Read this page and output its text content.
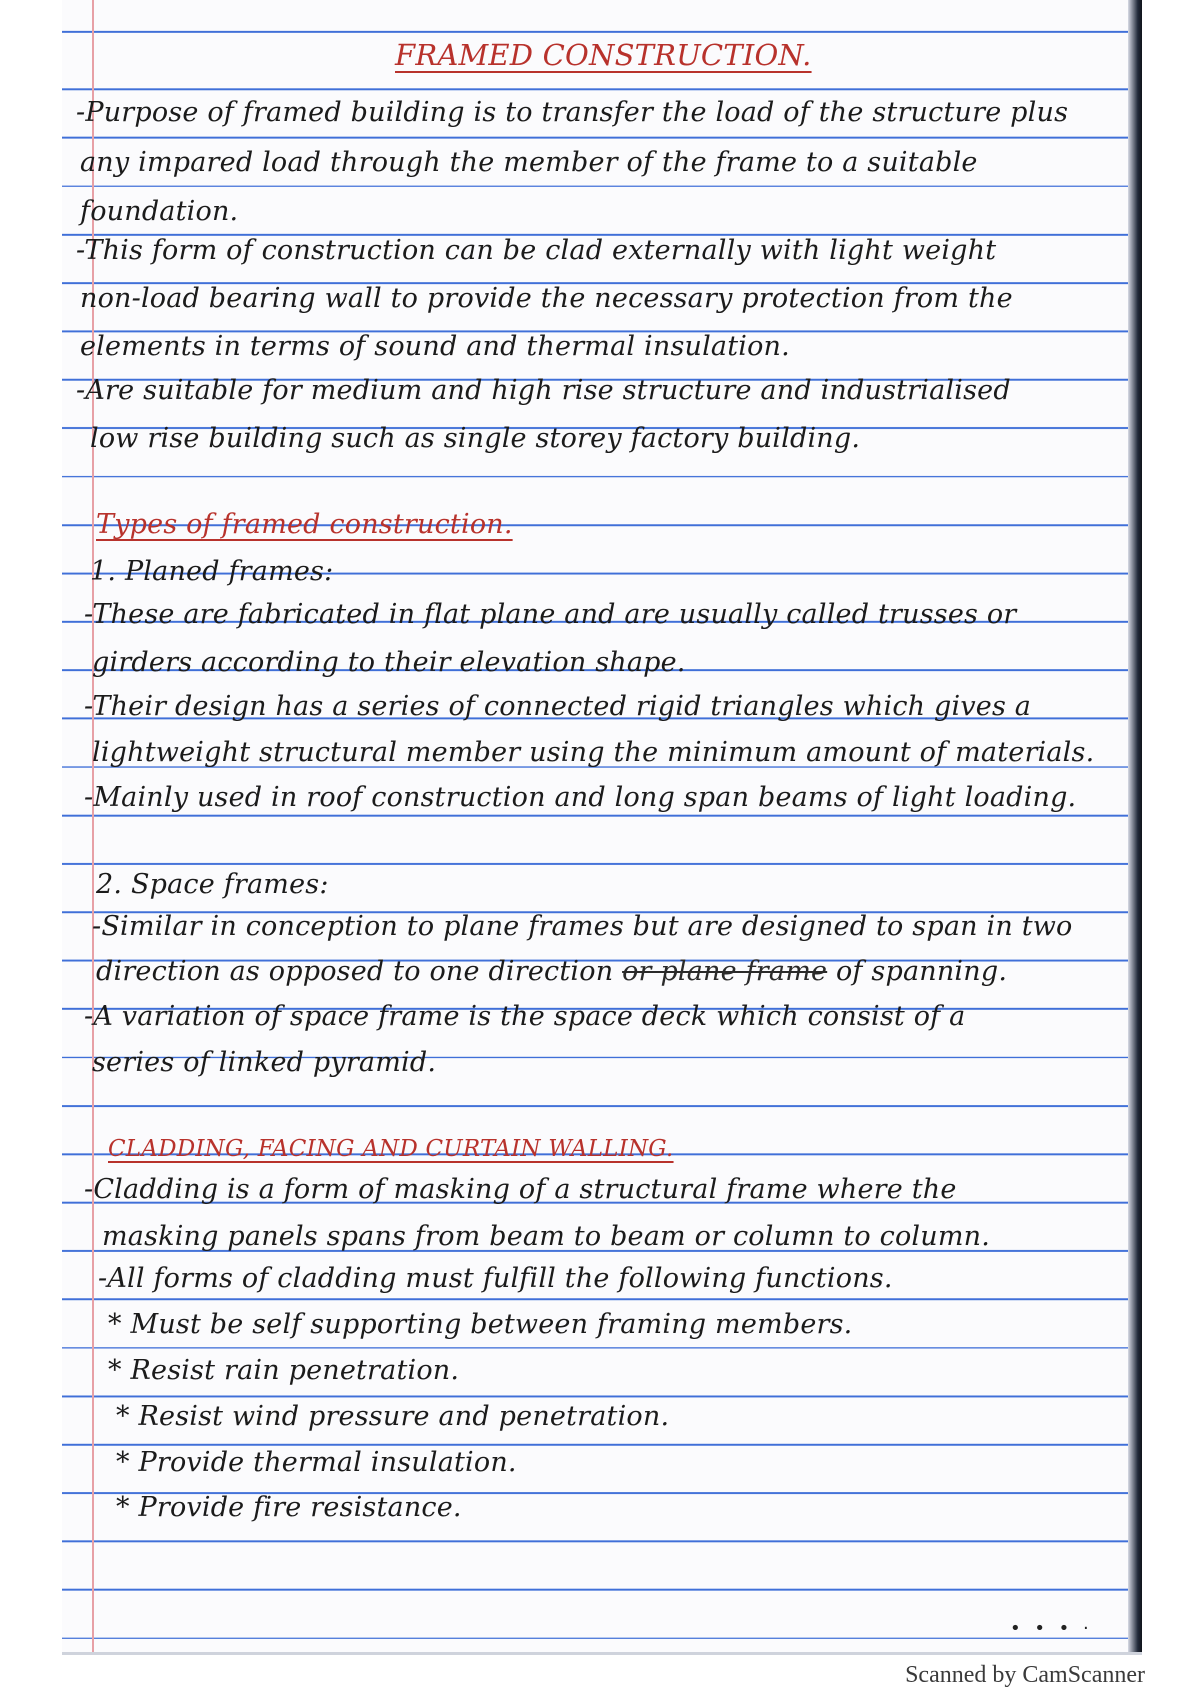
FRAMED CONSTRUCTION.
-Purpose of framed building is to transfer the load of the structure plus
any impared load through the member of the frame to a suitable
foundation.
-This form of construction can be clad externally with light weight
non-load bearing wall to provide the necessary protection from the
elements in terms of sound and thermal insulation.
-Are suitable for medium and high rise structure and industrialised
low rise building such as single storey factory building.
Types of framed construction.
1. Planed frames:
-These are fabricated in flat plane and are usually called trusses or
girders according to their elevation shape.
-Their design has a series of connected rigid triangles which gives a
lightweight structural member using the minimum amount of materials.
-Mainly used in roof construction and long span beams of light loading.
2. Space frames:
-Similar in conception to plane frames but are designed to span in two
direction as opposed to one direction or plane frame of spanning.
-A variation of space frame is the space deck which consist of a
series of linked pyramid.
CLADDING, FACING AND CURTAIN WALLING.
-Cladding is a form of masking of a structural frame where the
masking panels spans from beam to beam or column to column.
-All forms of cladding must fulfill the following functions.
* Must be self supporting between framing members.
* Resist rain penetration.
* Resist wind pressure and penetration.
* Provide thermal insulation.
* Provide fire resistance.
• • • ·
Scanned by CamScanner
